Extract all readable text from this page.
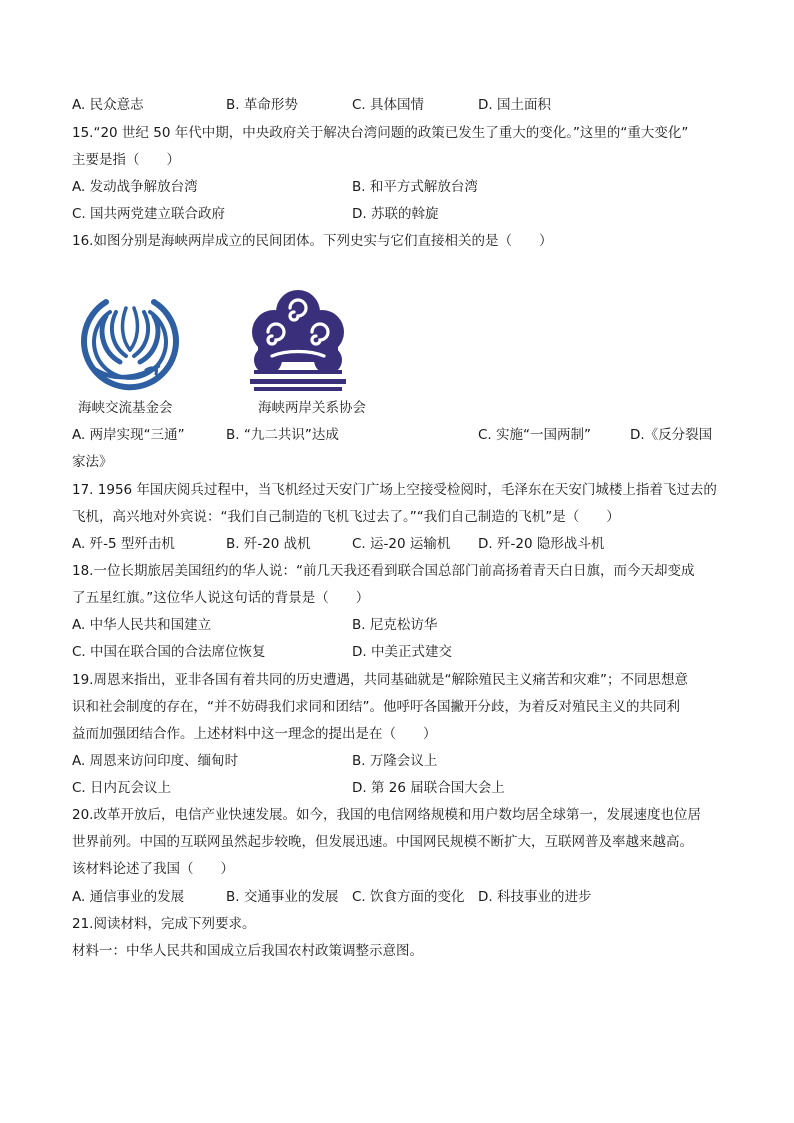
A. 民众意志	B. 革命形势	C. 具体国情	D. 国土面积
15.“20 世纪 50 年代中期，中央政府关于解决台湾问题的政策已发生了重大的变化。”这里的“重大变化”
主要是指（　　）
A. 发动战争解放台湾	B. 和平方式解放台湾
C. 国共两党建立联合政府	D. 苏联的斡旋
16.如图分别是海峡两岸成立的民间团体。下列史实与它们直接相关的是（　　）
海峡交流基金会	海峡两岸关系协会
A. 两岸实现“三通”	B. “九二共识”达成	C. 实施“一国两制”	D.《反分裂国
家法》
17. 1956 年国庆阅兵过程中，当飞机经过天安门广场上空接受检阅时，毛泽东在天安门城楼上指着飞过去的
飞机，高兴地对外宾说：“我们自己制造的飞机飞过去了。”“我们自己制造的飞机”是（　　）
A. 歼-5 型歼击机	B. 歼-20 战机	C. 运-20 运输机 D. 歼-20 隐形战斗机
18.一位长期旅居美国纽约的华人说：“前几天我还看到联合国总部门前高扬着青天白日旗，而今天却变成
了五星红旗。”这位华人说这句话的背景是（　　）
A. 中华人民共和国建立	B. 尼克松访华
C. 中国在联合国的合法席位恢复	D. 中美正式建交
19.周恩来指出，亚非各国有着共同的历史遭遇，共同基础就是“解除殖民主义痛苦和灾难”；不同思想意
识和社会制度的存在，“并不妨碍我们求同和团结”。他呼吁各国撇开分歧，为着反对殖民主义的共同利
益而加强团结合作。上述材料中这一理念的提出是在（　　）
A. 周恩来访问印度、缅甸时	B. 万隆会议上
C. 日内瓦会议上	D. 第 26 届联合国大会上
20.改革开放后，电信产业快速发展。如今，我国的电信网络规模和用户数均居全球第一，发展速度也位居
世界前列。中国的互联网虽然起步较晚，但发展迅速。中国网民规模不断扩大，互联网普及率越来越高。
该材料论述了我国（　　）
A. 通信事业的发展	B. 交通事业的发展 C. 饮食方面的变化 D. 科技事业的进步
21.阅读材料，完成下列要求。
材料一：中华人民共和国成立后我国农村政策调整示意图。
